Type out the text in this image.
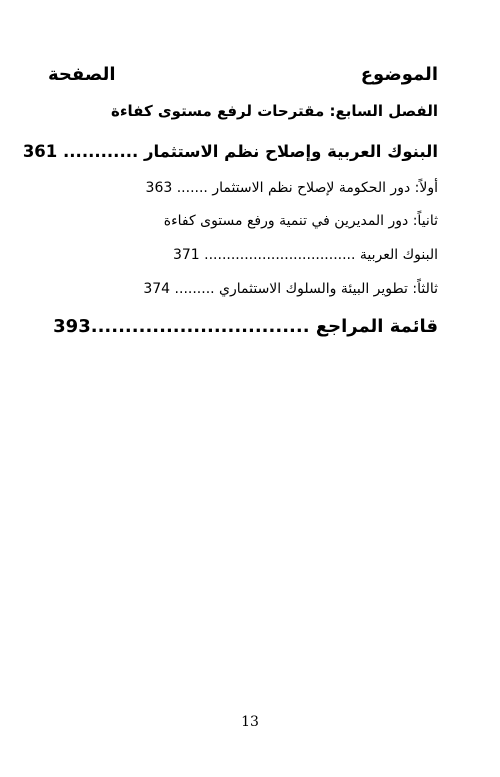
الموضوع
الصفحة
الفصل السابع: مقترحات لرفع مستوى كفاءة
البنوك العربية وإصلاح نظم الاستثمار ............ 361
أولاً: دور الحكومة لإصلاح نظم الاستثمار ....... 363
ثانياً: دور المديرين في تنمية ورفع مستوى كفاءة
البنوك العربية .................................. 371
ثالثاً: تطوير البيئة والسلوك الاستثماري ......... 374
قائمة المراجع ................................393
13
